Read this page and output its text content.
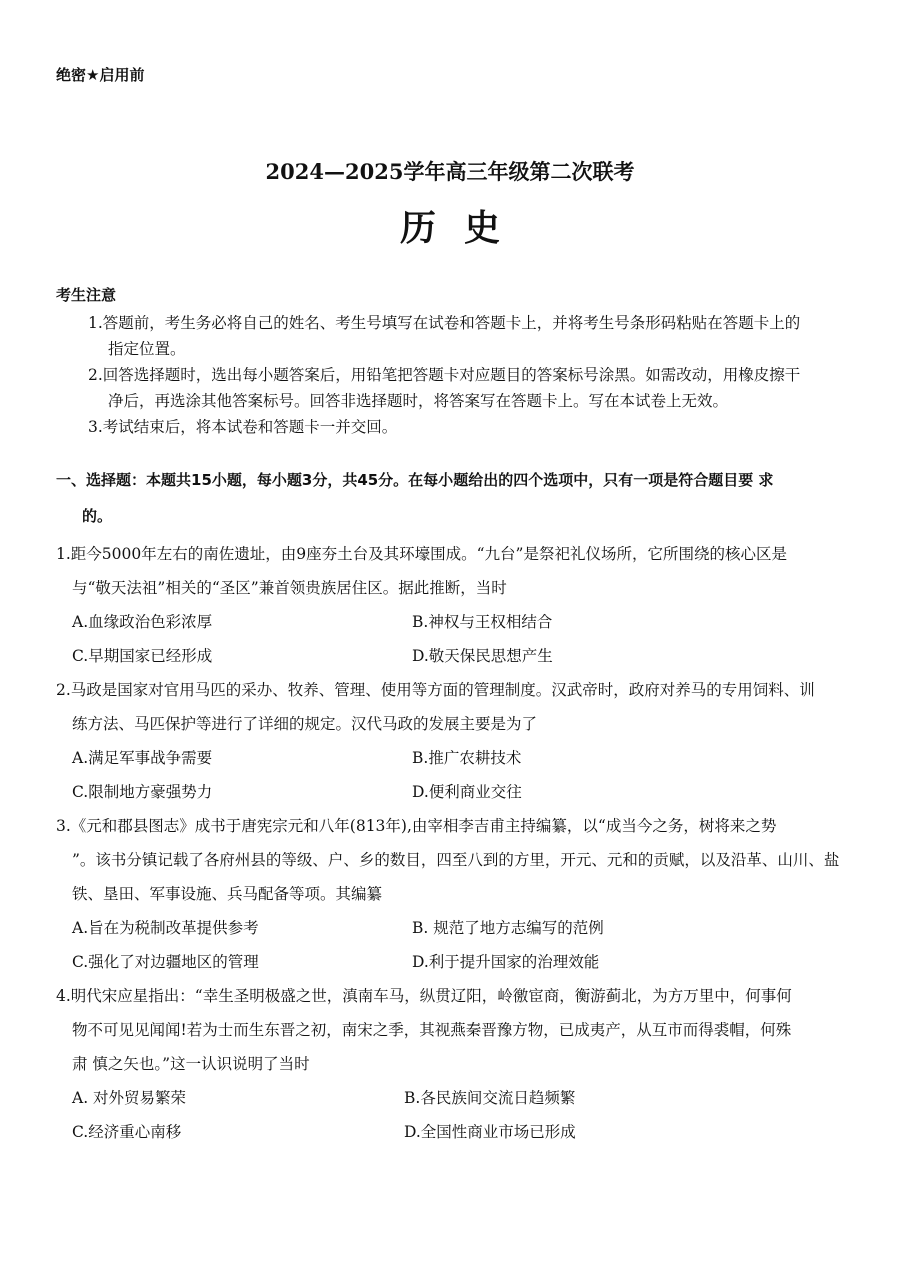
绝密★启用前
2024—2025学年高三年级第二次联考
历史
考生注意
1.答题前，考生务必将自己的姓名、考生号填写在试卷和答题卡上，并将考生号条形码粘贴在答题卡上的
指定位置。
2.回答选择题时，选出每小题答案后，用铅笔把答题卡对应题目的答案标号涂黑。如需改动，用橡皮擦干
净后，再选涂其他答案标号。回答非选择题时，将答案写在答题卡上。写在本试卷上无效。
3.考试结束后，将本试卷和答题卡一并交回。
一、选择题：本题共15小题，每小题3分，共45分。在每小题给出的四个选项中，只有一项是符合题目要 求
的。
1.距今5000年左右的南佐遗址，由9座夯土台及其环壕围成。“九台”是祭祀礼仪场所，它所围绕的核心区是
与“敬天法祖”相关的“圣区”兼首领贵族居住区。据此推断，当时
A.血缘政治色彩浓厚	B.神权与王权相结合
C.早期国家已经形成	D.敬天保民思想产生
2.马政是国家对官用马匹的采办、牧养、管理、使用等方面的管理制度。汉武帝时，政府对养马的专用饲料、训
练方法、马匹保护等进行了详细的规定。汉代马政的发展主要是为了
A.满足军事战争需要	B.推广农耕技术
C.限制地方豪强势力	D.便利商业交往
3.《元和郡县图志》成书于唐宪宗元和八年(813年),由宰相李吉甫主持编纂，以“成当今之务，树将来之势
”。该书分镇记载了各府州县的等级、户、乡的数目，四至八到的方里，开元、元和的贡赋，以及沿革、山川、盐
铁、垦田、军事设施、兵马配备等项。其编纂
A.旨在为税制改革提供参考	B. 规范了地方志编写的范例
C.强化了对边疆地区的管理	D.利于提升国家的治理效能
4.明代宋应星指出：“幸生圣明极盛之世，滇南车马，纵贯辽阳，岭徼宦商，衡游蓟北，为方万里中，何事何
物不可见见闻闻!若为士而生东晋之初，南宋之季，其视燕秦晋豫方物，已成夷产，从互市而得裘帽，何殊
肃 慎之矢也。”这一认识说明了当时
A. 对外贸易繁荣	B.各民族间交流日趋频繁
C.经济重心南移	D.全国性商业市场已形成
